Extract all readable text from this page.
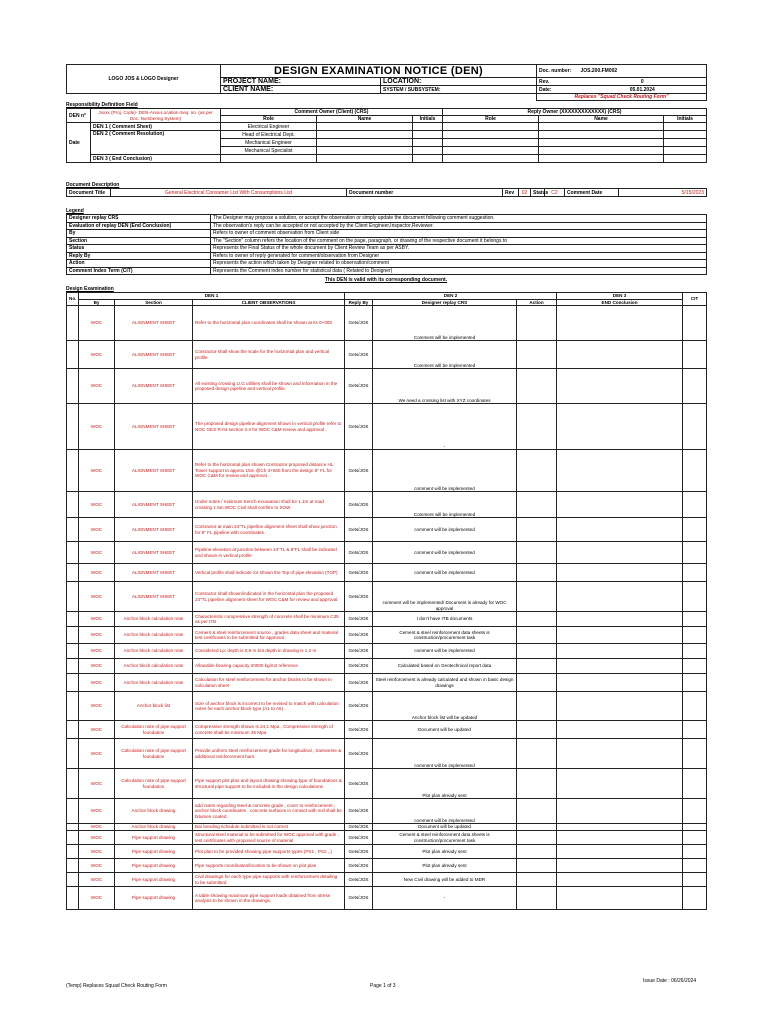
LOGO JOS & LOGO Designer	DESIGN EXAMINATION NOTICE (DEN)		Doc. number:	JOS.200.FM002
	PROJECT NAME:	LOCATION:	Rev.	0
	CLIENT NAME:	SYSTEM / SUBSYSTEM:	Date:	05.01.2024
			Replaces "Squad Check Routing Form"	
Responsibility Definition Field
DEN n°	Jxxxx (Proj. Code)- DEN-Area-Location-Seq. no. (as per Doc. Numbering System)	Comment Owner (Client) (CRS)			Reply Owner (XXXXXXXXXXXXX) (CRS)		
		Role	Name	Initials	Role	Name	Initials
Date	DEN 1 ( Comment Sheet)	Electrical Engineer					
	DEN 2 ( Comment Resolution)	Head of Electrical Dept.					
		Mechanical Engineer					
		Mechanical Specialist					
	DEN 3 ( End Conclusion)						
Document Description
Document Title	General Electrical Consumer List With Consumptions List	Document number	Rev	02	Status	C2	Comment Date	5/15/2023
Legend
Designer replay CRS	The Designer may propose a solution, or accept the observation or simply update the document following comment suggestion.
Evaluation of replay DEN (End Conclusion)	The observation's reply can be accepted or not accepted by the Client Engineer,Inspector,Reviewer.
By	Refers to owner of comment observation from Client side
Section	The "Section" column refers the location of the comment on the page, paragraph, or drawing of the respective document it belongs to
Status	Represents the Final Status of the whole document by Client Review Team as per ASBY.
Reply By	Refers to owner of reply generated for comment/observation from Designer
Action	Represents the action which taken by Designer related to observation/comment
Comment Index Term (CIT)	Represents the Comment index number for statistical data ( Related to Designer)
This DEN is valid with its corresponding document.
Design Examination
No.	DEN 1			DEN 2			DEN 3	CIT
	By	Section	CLIENT OBSERVATIONS	Reply By	Designer replay CRS	Action	END Conclusion	
	WOC	ALIGNMENT SHEET	Refer to the horizontal plan coordinates shall be shown at its 0+000	Gets/JOS	Comment will be implemented			
	WOC	ALIGNMENT SHEET	Contractor shall show the scale for the horizontal plan and vertical profile	Gets/JOS	Comment will be implemented			
	WOC	ALIGNMENT SHEET	All existing crossing U.G utilities shall be shown and information in the proposed design pipeline and vertical profile.	Gets/JOS	We need a crossing list with XYZ coordinates			
	WOC	ALIGNMENT SHEET	The proposed design pipeline alignment shown in vertical profile refer to NOC GES R-04 section 3.3 for WOC C&M review and approval .	Gets/JOS	-			
	WOC	ALIGNMENT SHEET	Refer to the horizontal plan shown Contractor proposed distance HL Tower support to approx 15m @Ch 3+560 from the design 8" FL for WOC C&M for review and approval .	Gets/JOS	comment will be implemented			
	WOC	ALIGNMENT SHEET	Under notes / minimum trench excavation shall be 1.1m at road crossing 1.5m.WOC Civil shall confirm to SOW	Gets/JOS	Comment will be implemented			
	WOC	ALIGNMENT SHEET	Contractor at main 24"TL pipeline alignment sheet shall show junction for 8" FL pipeline with coordinates .	Gets/JOS	comment will be implemented			
	WOC	ALIGNMENT SHEET	Pipeline elevation at junction between 24"TL & 8"FL shall be indicated and shown in vertical profile	Gets/JOS	comment will be implemented			
	WOC	ALIGNMENT SHEET	Vertical profile shall indicate /or shown the Top of pipe elevation (TOP)	Gets/JOS	comment will be implemented			
	WOC	ALIGNMENT SHEET	Contractor shall shown/indicated in the horizontal plan the proposed 24"TL pipeline alignment sheet for WOC C&M for review and approval	Gets/JOS	comment will be implemented/ Document is already for WOC approval			
	WOC	Anchor block calculation note	Characteristic compressive strength of concrete shall be minimum C35 as per ITB	Gets/JOS	I don't have ITB documents			
	WOC	Anchor block calculation note	Cement & steel reinforcement source , grades data sheet and material test certificates to be submitted for approval .	Gets/JOS	Cement & steel reinforcement data sheets is construction/procurement task			
	WOC	Anchor block calculation note	Considered Lp: depth is 0,9 m but depth in drawing is 1.2 m	Gets/JOS	comment will be implemented			
	WOC	Anchor block calculation note	Allowable bearing capacity 20000 kg/m2 reference	Gets/JOS	Calculated based on Geotechnical report data			
	WOC	Anchor block calculation note	Calculation for steel reinforcement for anchor blocks to be shown in calculation sheet	Gets/JOS	Steel reinforcement is already calculated and shown in basic design drawings			
	WOC	Anchor block list	Size of anchor block is incorrect to be revised to match with calculation notes for each anchor block type (A1 to A5) .	Gets/JOS	Anchor block list will be updated			
	WOC	Calculation note of pipe support foundation	Compressive strength shown is 24,1 Mpa , Compressive strength of concrete shall be minimum 35 Mpa	Gets/JOS	Document will be updated			
	WOC	Calculation note of pipe support foundation	Provide uniform steel reinforcement grade for longitudinal , transverse & additional reinforcement bars	Gets/JOS	comment will be implemented			
	WOC	Calculation note of pipe support foundation	Pipe support plot plan and layout drawing showing type of foundations & structural pipe support to be included in the design calculations	Gets/JOS	Plot plan already sent			
	WOC	Anchor block drawing	add notes regarding steel & concrete grade , cover to reinforcement , anchor block coordinates , concrete surfaces in contact with soil shall be bitumen coated .	Gets/JOS	comment will be implemented			
	WOC	Anchor block drawing	Bar bending schedule submitted is not correct	Gets/JOS	Document will be updated			
	WOC	Pipe support drawing	Structural steel material to be submitted for WOC approval with grade , test certificates with proposed source of material	Gets/JOS	Cement & steel reinforcement data sheets is construction/procurement task			
	WOC	Pipe support drawing	Plot plan to be provided showing pipe supports types (PS1 , PS2 ,,)	Gets/JOS	Plot plan already sent			
	WOC	Pipe support drawing	Pipe supports coordinates/location to be shown on plot plan	Gets/JOS	Plot plan already sent			
	WOC	Pipe support drawing	Civil drawings for each type pipe supports with reinforcement detailing to be submitted	Gets/JOS	New Civil drawing will be added to MDR			
	WOC	Pipe support drawing	A table showing maximum pipe support loads obtained from stress analysis to be shown in the drawings.	Gets/JOS	-			
(Temp) Replaces Squad Check Routing Form	Page 1 of 3
Issue Date : 06/26/2024
